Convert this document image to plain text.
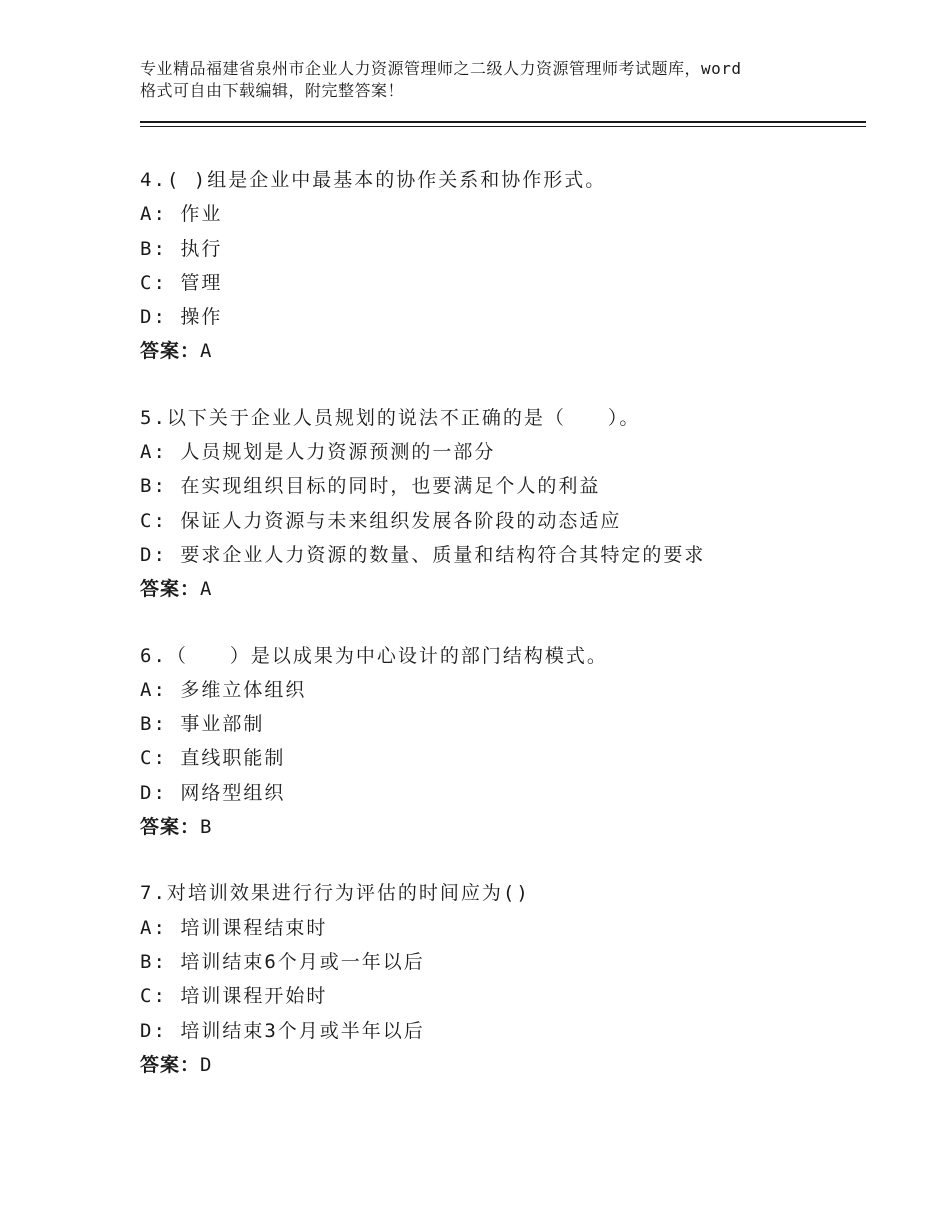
专业精品福建省泉州市企业人力资源管理师之二级人力资源管理师考试题库，word
格式可自由下载编辑，附完整答案！
4.( )组是企业中最基本的协作关系和协作形式。
A: 作业
B: 执行
C: 管理
D: 操作
答案：A
5.以下关于企业人员规划的说法不正确的是（　　）。
A: 人员规划是人力资源预测的一部分
B: 在实现组织目标的同时，也要满足个人的利益
C: 保证人力资源与未来组织发展各阶段的动态适应
D: 要求企业人力资源的数量、质量和结构符合其特定的要求
答案：A
6.（　　）是以成果为中心设计的部门结构模式。
A: 多维立体组织
B: 事业部制
C: 直线职能制
D: 网络型组织
答案：B
7.对培训效果进行行为评估的时间应为()
A: 培训课程结束时
B: 培训结束6个月或一年以后
C: 培训课程开始时
D: 培训结束3个月或半年以后
答案：D
